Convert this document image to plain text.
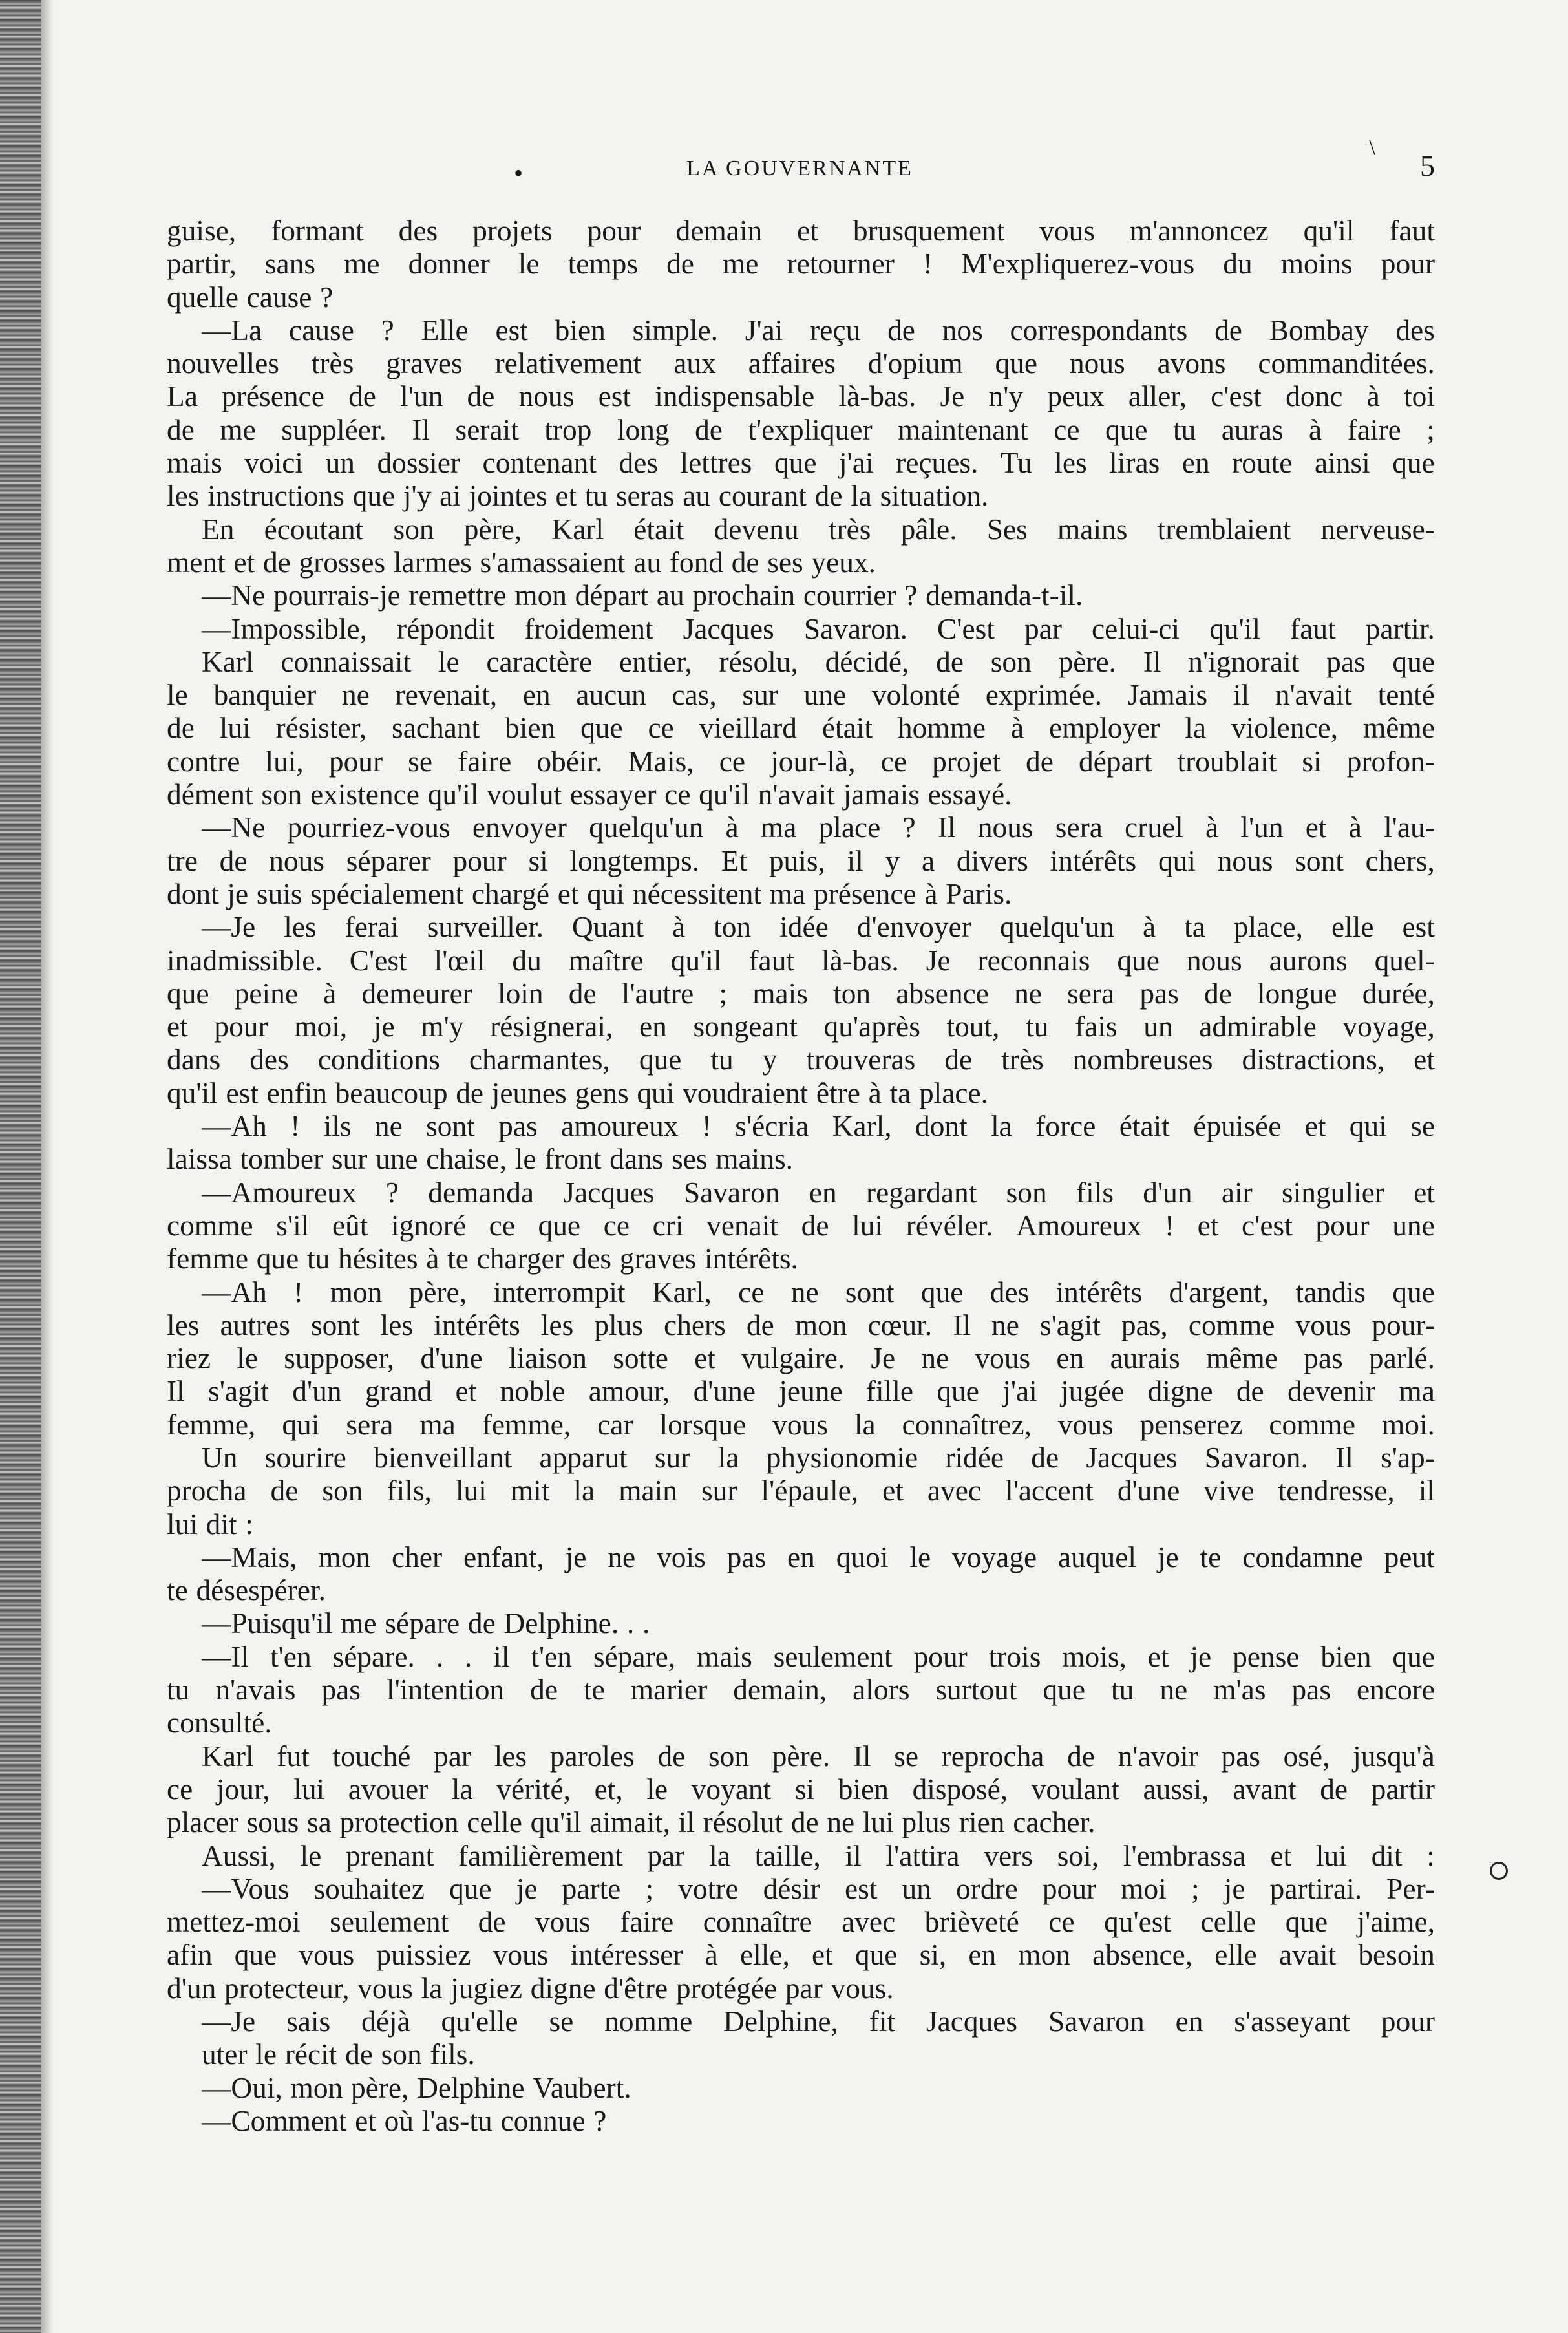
•
\
LA GOUVERNANTE	5
guise, formant des projets pour demain et brusquement vous m'annoncez qu'il faut
partir, sans me donner le temps de me retourner ! M'expliquerez-vous du moins pour
quelle cause ?
—La cause ? Elle est bien simple. J'ai reçu de nos correspondants de Bombay des
nouvelles très graves relativement aux affaires d'opium que nous avons commanditées.
La présence de l'un de nous est indispensable là-bas. Je n'y peux aller, c'est donc à toi
de me suppléer. Il serait trop long de t'expliquer maintenant ce que tu auras à faire ;
mais voici un dossier contenant des lettres que j'ai reçues. Tu les liras en route ainsi que
les instructions que j'y ai jointes et tu seras au courant de la situation.
En écoutant son père, Karl était devenu très pâle. Ses mains tremblaient nerveuse-
ment et de grosses larmes s'amassaient au fond de ses yeux.
—Ne pourrais-je remettre mon départ au prochain courrier ? demanda-t-il.
—Impossible, répondit froidement Jacques Savaron. C'est par celui-ci qu'il faut partir.
Karl connaissait le caractère entier, résolu, décidé, de son père. Il n'ignorait pas que
le banquier ne revenait, en aucun cas, sur une volonté exprimée. Jamais il n'avait tenté
de lui résister, sachant bien que ce vieillard était homme à employer la violence, même
contre lui, pour se faire obéir. Mais, ce jour-là, ce projet de départ troublait si profon-
dément son existence qu'il voulut essayer ce qu'il n'avait jamais essayé.
—Ne pourriez-vous envoyer quelqu'un à ma place ? Il nous sera cruel à l'un et à l'au-
tre de nous séparer pour si longtemps. Et puis, il y a divers intérêts qui nous sont chers,
dont je suis spécialement chargé et qui nécessitent ma présence à Paris.
—Je les ferai surveiller. Quant à ton idée d'envoyer quelqu'un à ta place, elle est
inadmissible. C'est l'œil du maître qu'il faut là-bas. Je reconnais que nous aurons quel-
que peine à demeurer loin de l'autre ; mais ton absence ne sera pas de longue durée,
et pour moi, je m'y résignerai, en songeant qu'après tout, tu fais un admirable voyage,
dans des conditions charmantes, que tu y trouveras de très nombreuses distractions, et
qu'il est enfin beaucoup de jeunes gens qui voudraient être à ta place.
—Ah ! ils ne sont pas amoureux ! s'écria Karl, dont la force était épuisée et qui se
laissa tomber sur une chaise, le front dans ses mains.
—Amoureux ? demanda Jacques Savaron en regardant son fils d'un air singulier et
comme s'il eût ignoré ce que ce cri venait de lui révéler. Amoureux ! et c'est pour une
femme que tu hésites à te charger des graves intérêts.
—Ah ! mon père, interrompit Karl, ce ne sont que des intérêts d'argent, tandis que
les autres sont les intérêts les plus chers de mon cœur. Il ne s'agit pas, comme vous pour-
riez le supposer, d'une liaison sotte et vulgaire. Je ne vous en aurais même pas parlé.
Il s'agit d'un grand et noble amour, d'une jeune fille que j'ai jugée digne de devenir ma
femme, qui sera ma femme, car lorsque vous la connaîtrez, vous penserez comme moi.
Un sourire bienveillant apparut sur la physionomie ridée de Jacques Savaron. Il s'ap-
procha de son fils, lui mit la main sur l'épaule, et avec l'accent d'une vive tendresse, il
lui dit :
—Mais, mon cher enfant, je ne vois pas en quoi le voyage auquel je te condamne peut
te désespérer.
—Puisqu'il me sépare de Delphine. . .
—Il t'en sépare. . . il t'en sépare, mais seulement pour trois mois, et je pense bien que
tu n'avais pas l'intention de te marier demain, alors surtout que tu ne m'as pas encore
consulté.
Karl fut touché par les paroles de son père. Il se reprocha de n'avoir pas osé, jusqu'à
ce jour, lui avouer la vérité, et, le voyant si bien disposé, voulant aussi, avant de partir
placer sous sa protection celle qu'il aimait, il résolut de ne lui plus rien cacher.
Aussi, le prenant familièrement par la taille, il l'attira vers soi, l'embrassa et lui dit :
—Vous souhaitez que je parte ; votre désir est un ordre pour moi ; je partirai. Per-
mettez-moi seulement de vous faire connaître avec brièveté ce qu'est celle que j'aime,
afin que vous puissiez vous intéresser à elle, et que si, en mon absence, elle avait besoin
d'un protecteur, vous la jugiez digne d'être protégée par vous.
—Je sais déjà qu'elle se nomme Delphine, fit Jacques Savaron en s'asseyant pour
uter le récit de son fils.
—Oui, mon père, Delphine Vaubert.
—Comment et où l'as-tu connue ?
